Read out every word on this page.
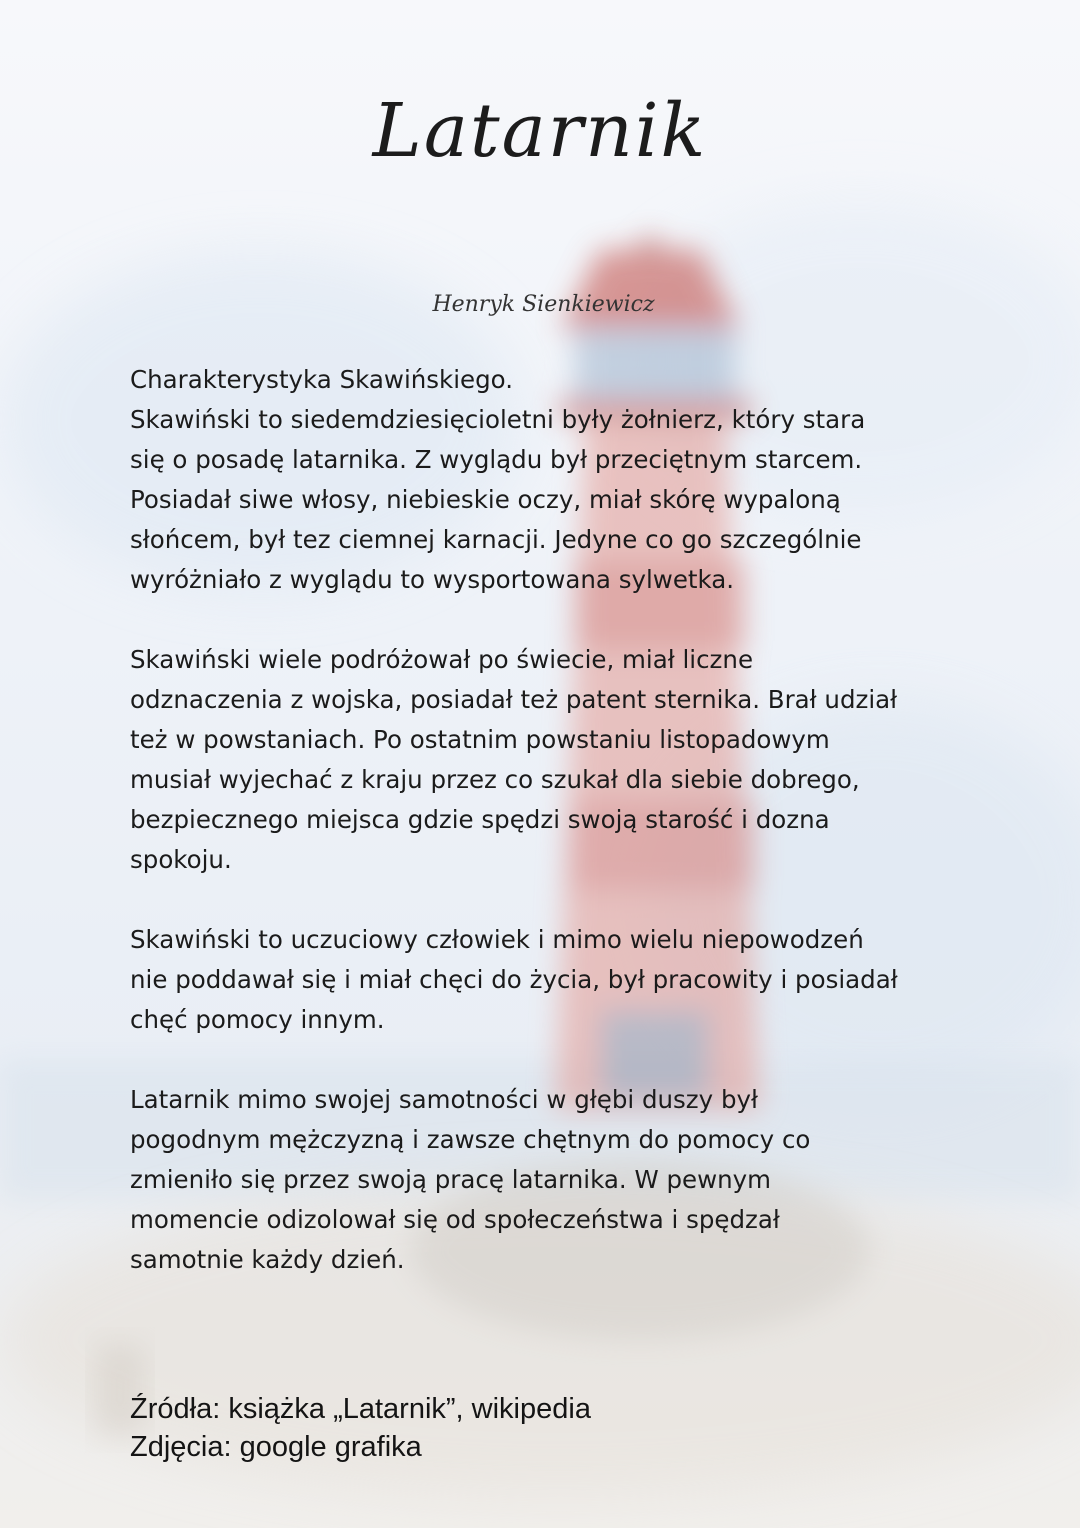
Latarnik
Henryk Sienkiewicz

Charakterystyka Skawińskiego.
Skawiński to siedemdziesięcioletni były żołnierz, który stara
się o posadę latarnika. Z wyglądu był przeciętnym starcem.
Posiadał siwe włosy, niebieskie oczy, miał skórę wypaloną
słońcem, był tez ciemnej karnacji. Jedyne co go szczególnie
wyróżniało z wyglądu to wysportowana sylwetka.

Skawiński wiele podróżował po świecie, miał liczne
odznaczenia z wojska, posiadał też patent sternika. Brał udział
też w powstaniach. Po ostatnim powstaniu listopadowym
musiał wyjechać z kraju przez co szukał dla siebie dobrego,
bezpiecznego miejsca gdzie spędzi swoją starość i dozna
spokoju.

Skawiński to uczuciowy człowiek i mimo wielu niepowodzeń
nie poddawał się i miał chęci do życia, był pracowity i posiadał
chęć pomocy innym.

Latarnik mimo swojej samotności w głębi duszy był
pogodnym mężczyzną i zawsze chętnym do pomocy co
zmieniło się przez swoją pracę latarnika. W pewnym
momencie odizolował się od społeczeństwa i spędzał
samotnie każdy dzień.

Źródła: książka „Latarnik”, wikipedia
Zdjęcia: google grafika
